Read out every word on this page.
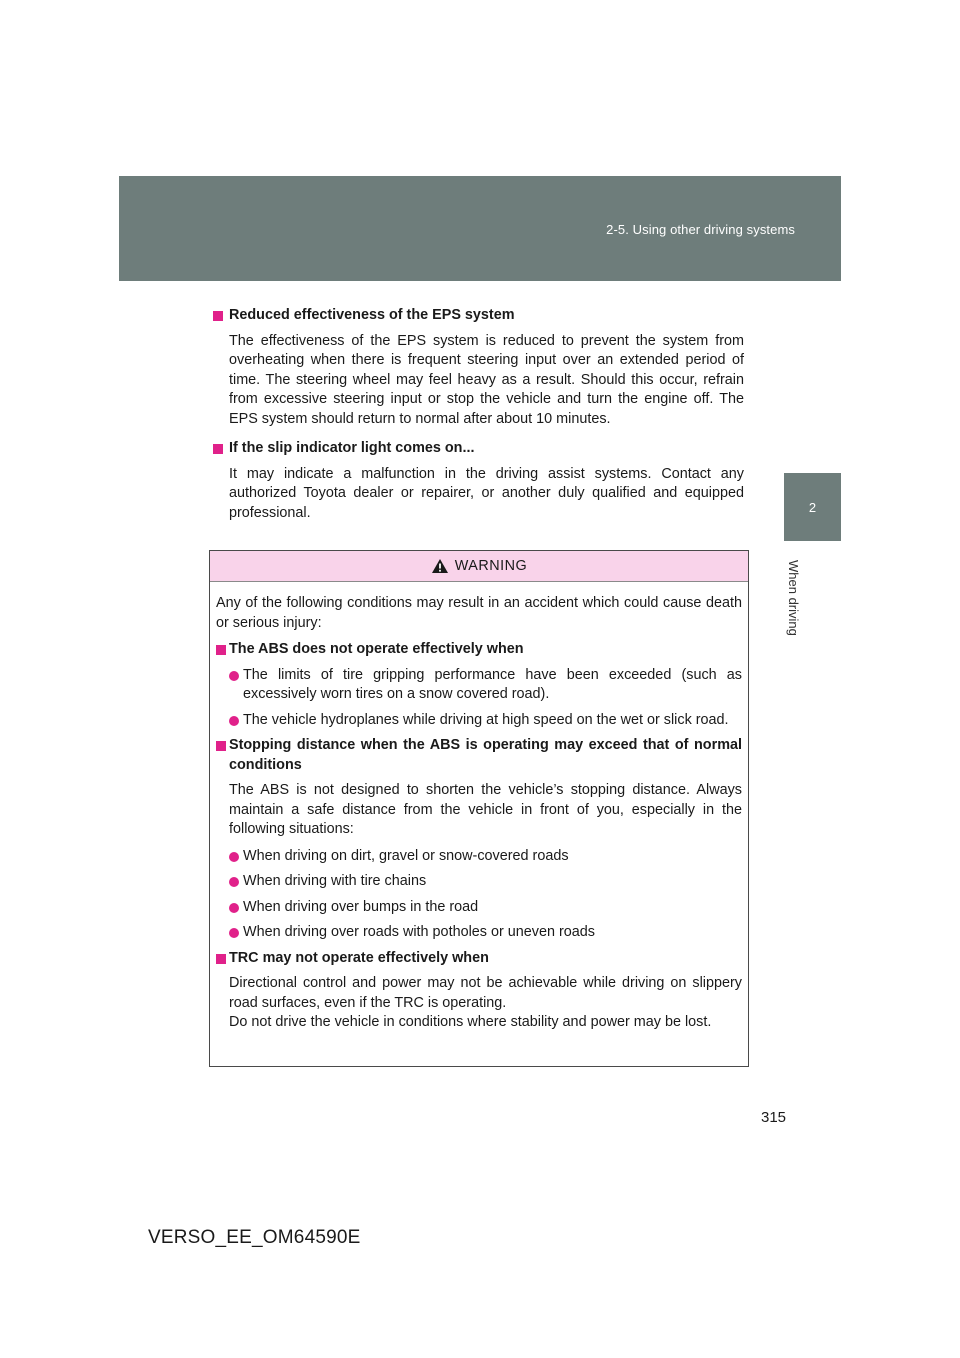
2-5. Using other driving systems
2
When driving
Reduced effectiveness of the EPS system
The effectiveness of the EPS system is reduced to prevent the system from overheating when there is frequent steering input over an extended period of time. The steering wheel may feel heavy as a result. Should this occur, refrain from excessive steering input or stop the vehicle and turn the engine off. The EPS system should return to normal after about 10 minutes.
If the slip indicator light comes on...
It may indicate a malfunction in the driving assist systems. Contact any authorized Toyota dealer or repairer, or another duly qualified and equipped professional.
WARNING
Any of the following conditions may result in an accident which could cause death or serious injury:
The ABS does not operate effectively when
The limits of tire gripping performance have been exceeded (such as excessively worn tires on a snow covered road).
The vehicle hydroplanes while driving at high speed on the wet or slick road.
Stopping distance when the ABS is operating may exceed that of normal conditions
The ABS is not designed to shorten the vehicle’s stopping distance. Always maintain a safe distance from the vehicle in front of you, especially in the following situations:
When driving on dirt, gravel or snow-covered roads
When driving with tire chains
When driving over bumps in the road
When driving over roads with potholes or uneven roads
TRC may not operate effectively when
Directional control and power may not be achievable while driving on slippery road surfaces, even if the TRC is operating.
Do not drive the vehicle in conditions where stability and power may be lost.
315
VERSO_EE_OM64590E
